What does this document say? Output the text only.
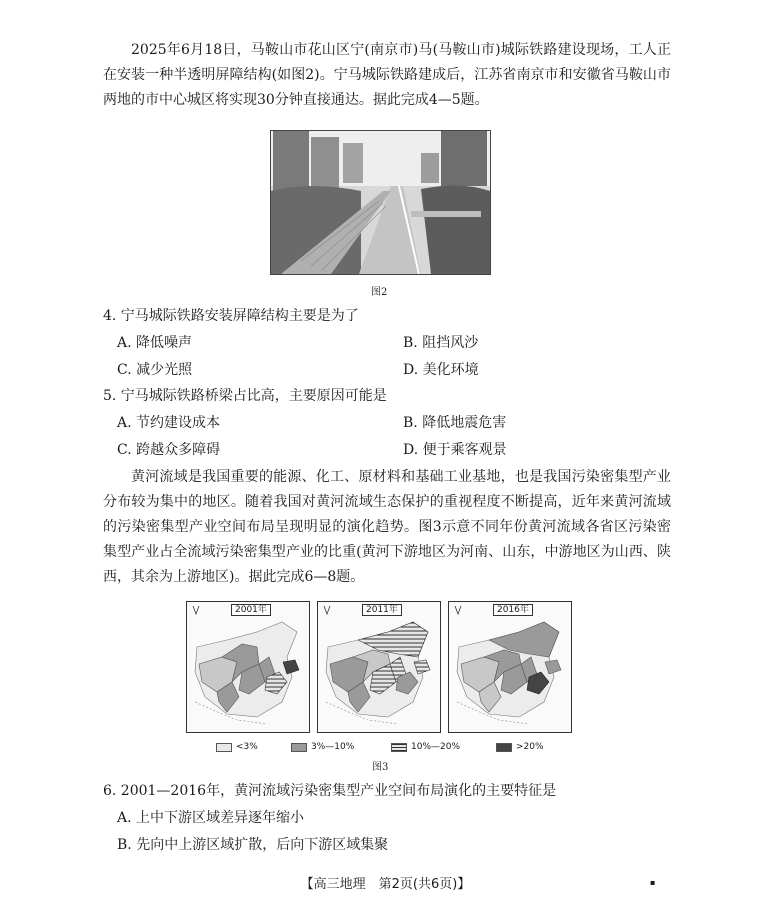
2025年6月18日，马鞍山市花山区宁(南京市)马(马鞍山市)城际铁路建设现场，工人正在安装一种半透明屏障结构(如图2)。宁马城际铁路建成后，江苏省南京市和安徽省马鞍山市两地的市中心城区将实现30分钟直接通达。据此完成4—5题。

图2

4. 宁马城际铁路安装屏障结构主要是为了

A. 降低噪声	B. 阻挡风沙

C. 减少光照	D. 美化环境

5. 宁马城际铁路桥梁占比高，主要原因可能是

A. 节约建设成本	B. 降低地震危害

C. 跨越众多障碍	D. 便于乘客观景

黄河流域是我国重要的能源、化工、原材料和基础工业基地，也是我国污染密集型产业分布较为集中的地区。随着我国对黄河流域生态保护的重视程度不断提高，近年来黄河流域的污染密集型产业空间布局呈现明显的演化趋势。图3示意不同年份黄河流域各省区污染密集型产业占全流域污染密集型产业的比重(黄河下游地区为河南、山东，中游地区为山西、陕西，其余为上游地区)。据此完成6—8题。

2001年	2011年	2016年
<3%	3%—10%	10%—20%	>20%

图3

6. 2001—2016年，黄河流域污染密集型产业空间布局演化的主要特征是

A. 上中下游区域差异逐年缩小

B. 先向中上游区域扩散，后向下游区域集聚

【高三地理　第2页(共6页)】	▪
